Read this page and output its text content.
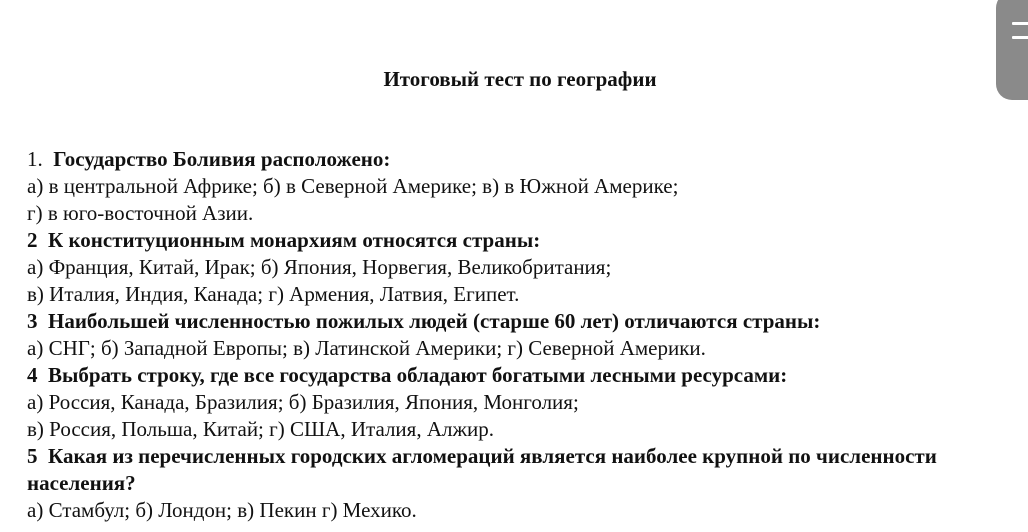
Итоговый тест по географии

1. Государство Боливия расположено:

а) в центральной Африке; б) в Северной Америке; в) в Южной Америке;

г) в юго-восточной Азии.

2 К конституционным монархиям относятся страны:

а) Франция, Китай, Ирак; б) Япония, Норвегия, Великобритания;

в) Италия, Индия, Канада; г) Армения, Латвия, Египет.

3 Наибольшей численностью пожилых людей (старше 60 лет) отличаются страны:

а) СНГ; б) Западной Европы; в) Латинской Америки; г) Северной Америки.

4 Выбрать строку, где все государства обладают богатыми лесными ресурсами:

а) Россия, Канада, Бразилия; б) Бразилия, Япония, Монголия;

в) Россия, Польша, Китай; г) США, Италия, Алжир.

5 Какая из перечисленных городских агломераций является наиболее крупной по численности населения?

а) Стамбул; б) Лондон; в) Пекин г) Мехико.
